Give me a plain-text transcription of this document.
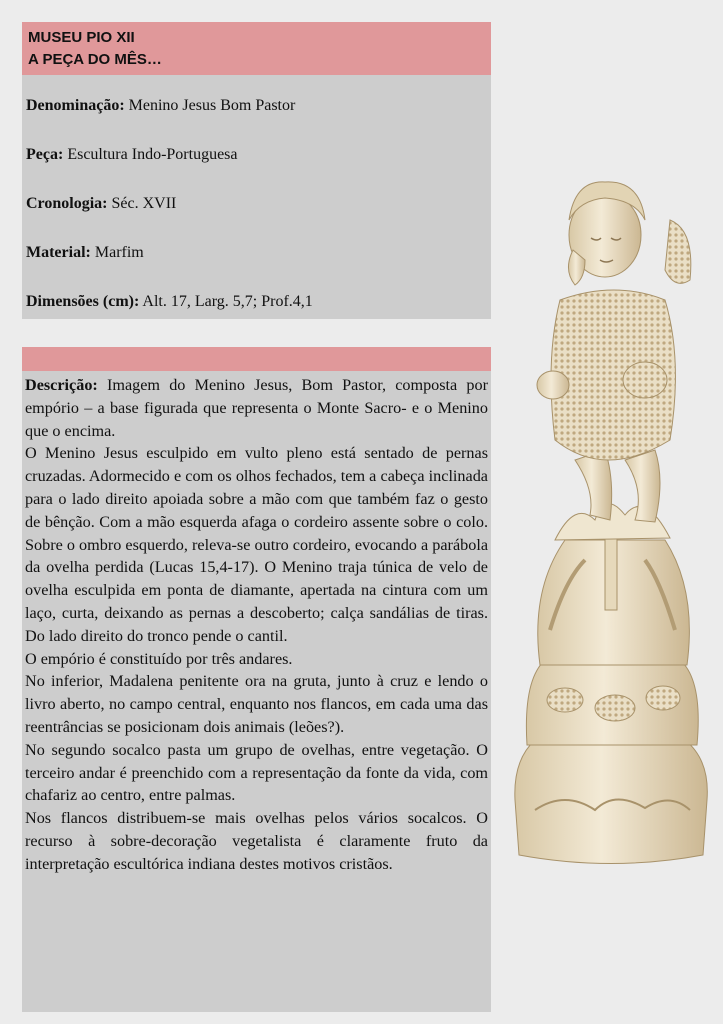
MUSEU PIO XII
A PEÇA DO MÊS…
Denominação: Menino Jesus Bom Pastor
Peça: Escultura Indo-Portuguesa
Cronologia: Séc. XVII
Material: Marfim
Dimensões (cm): Alt. 17, Larg. 5,7; Prof.4,1

Descrição: Imagem do Menino Jesus, Bom Pastor, composta por empório – a base figurada que representa o Monte Sacro- e o Menino que o encima.

O Menino Jesus esculpido em vulto pleno está sentado de pernas cruzadas. Adormecido e com os olhos fechados, tem a cabeça inclinada para o lado direito apoiada sobre a mão com que também faz o gesto de bênção. Com a mão esquerda afaga o cordeiro assente sobre o colo. Sobre o ombro esquerdo, releva-se outro cordeiro, evocando a parábola da ovelha perdida (Lucas 15,4-17). O Menino traja túnica de velo de ovelha esculpida em ponta de diamante, apertada na cintura com um laço, curta, deixando as pernas a descoberto; calça sandálias de tiras. Do lado direito do tronco pende o cantil.

O empório é constituído por três andares.

No inferior, Madalena penitente ora na gruta, junto à cruz e lendo o livro aberto, no campo central, enquanto nos flancos, em cada uma das reentrâncias se posicionam dois animais (leões?).

No segundo socalco pasta um grupo de ovelhas, entre vegetação. O terceiro andar é preenchido com a representação da fonte da vida, com chafariz ao centro, entre palmas.

Nos flancos distribuem-se mais ovelhas pelos vários socalcos. O recurso à sobre-decoração vegetalista é claramente fruto da interpretação escultórica indiana destes motivos cristãos.
